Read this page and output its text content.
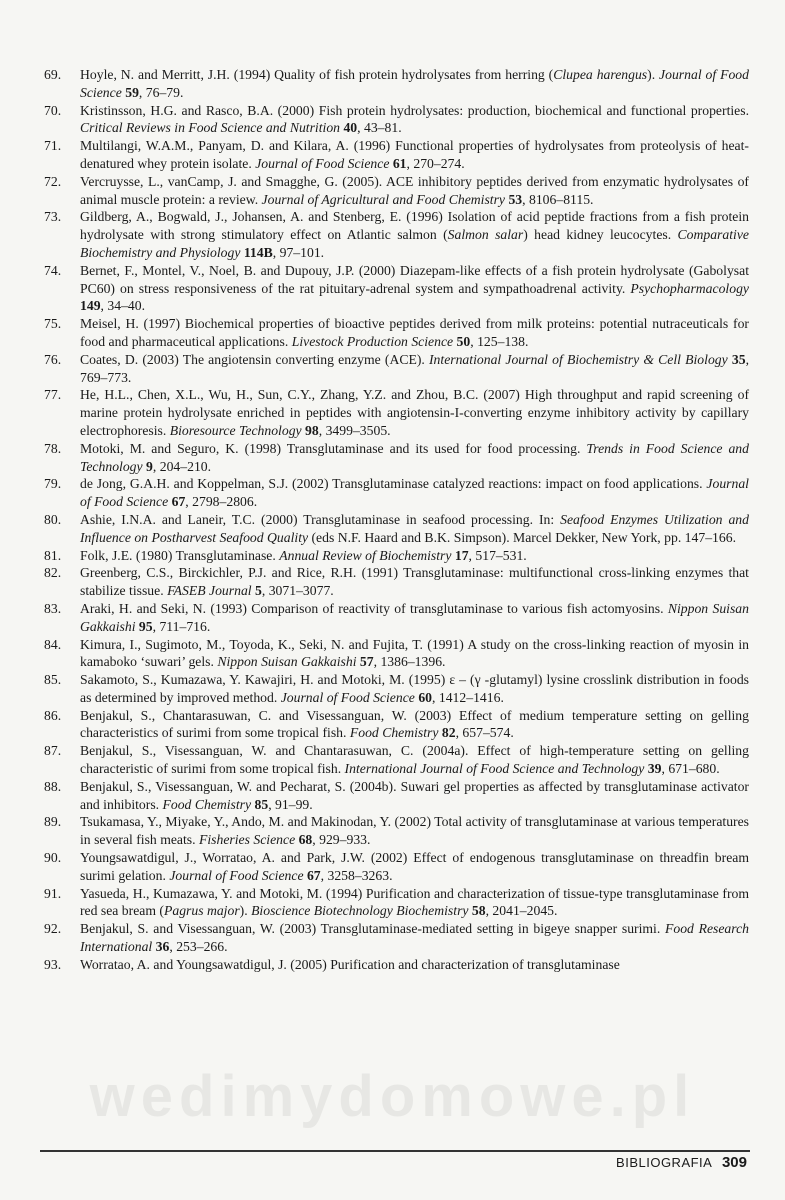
wedimydomowe.pl
69.	Hoyle, N. and Merritt, J.H. (1994) Quality of fish protein hydrolysates from herring (Clupea harengus). Journal of Food Science 59, 76–79.
70.	Kristinsson, H.G. and Rasco, B.A. (2000) Fish protein hydrolysates: production, biochemical and functional properties. Critical Reviews in Food Science and Nutrition 40, 43–81.
71.	Multilangi, W.A.M., Panyam, D. and Kilara, A. (1996) Functional properties of hydrolysates from proteolysis of heat-denatured whey protein isolate. Journal of Food Science 61, 270–274.
72.	Vercruysse, L., vanCamp, J. and Smagghe, G. (2005). ACE inhibitory peptides derived from enzymatic hydrolysates of animal muscle protein: a review. Journal of Agricultural and Food Chemistry 53, 8106–8115.
73.	Gildberg, A., Bogwald, J., Johansen, A. and Stenberg, E. (1996) Isolation of acid peptide fractions from a fish protein hydrolysate with strong stimulatory effect on Atlantic salmon (Salmon salar) head kidney leucocytes. Comparative Biochemistry and Physiology 114B, 97–101.
74.	Bernet, F., Montel, V., Noel, B. and Dupouy, J.P. (2000) Diazepam-like effects of a fish protein hydrolysate (Gabolysat PC60) on stress responsiveness of the rat pituitary-adrenal system and sympathoadrenal activity. Psychopharmacology 149, 34–40.
75.	Meisel, H. (1997) Biochemical properties of bioactive peptides derived from milk proteins: potential nutraceuticals for food and pharmaceutical applications. Livestock Production Science 50, 125–138.
76.	Coates, D. (2003) The angiotensin converting enzyme (ACE). International Journal of Biochemistry & Cell Biology 35, 769–773.
77.	He, H.L., Chen, X.L., Wu, H., Sun, C.Y., Zhang, Y.Z. and Zhou, B.C. (2007) High throughput and rapid screening of marine protein hydrolysate enriched in peptides with angiotensin-I-converting enzyme inhibitory activity by capillary electrophoresis. Bioresource Technology 98, 3499–3505.
78.	Motoki, M. and Seguro, K. (1998) Transglutaminase and its used for food processing. Trends in Food Science and Technology 9, 204–210.
79.	de Jong, G.A.H. and Koppelman, S.J. (2002) Transglutaminase catalyzed reactions: impact on food applications. Journal of Food Science 67, 2798–2806.
80.	Ashie, I.N.A. and Laneir, T.C. (2000) Transglutaminase in seafood processing. In: Seafood Enzymes Utilization and Influence on Postharvest Seafood Quality (eds N.F. Haard and B.K. Simpson). Marcel Dekker, New York, pp. 147–166.
81.	Folk, J.E. (1980) Transglutaminase. Annual Review of Biochemistry 17, 517–531.
82.	Greenberg, C.S., Birckichler, P.J. and Rice, R.H. (1991) Transglutaminase: multifunctional cross-linking enzymes that stabilize tissue. FASEB Journal 5, 3071–3077.
83.	Araki, H. and Seki, N. (1993) Comparison of reactivity of transglutaminase to various fish actomyosins. Nippon Suisan Gakkaishi 95, 711–716.
84.	Kimura, I., Sugimoto, M., Toyoda, K., Seki, N. and Fujita, T. (1991) A study on the cross-linking reaction of myosin in kamaboko ‘suwari’ gels. Nippon Suisan Gakkaishi 57, 1386–1396.
85.	Sakamoto, S., Kumazawa, Y. Kawajiri, H. and Motoki, M. (1995) ε – (γ -glutamyl) lysine crosslink distribution in foods as determined by improved method. Journal of Food Science 60, 1412–1416.
86.	Benjakul, S., Chantarasuwan, C. and Visessanguan, W. (2003) Effect of medium temperature setting on gelling characteristics of surimi from some tropical fish. Food Chemistry 82, 657–574.
87.	Benjakul, S., Visessanguan, W. and Chantarasuwan, C. (2004a). Effect of high-temperature setting on gelling characteristic of surimi from some tropical fish. International Journal of Food Science and Technology 39, 671–680.
88.	Benjakul, S., Visessanguan, W. and Pecharat, S. (2004b). Suwari gel properties as affected by transglutaminase activator and inhibitors. Food Chemistry 85, 91–99.
89.	Tsukamasa, Y., Miyake, Y., Ando, M. and Makinodan, Y. (2002) Total activity of transglutaminase at various temperatures in several fish meats. Fisheries Science 68, 929–933.
90.	Youngsawatdigul, J., Worratao, A. and Park, J.W. (2002) Effect of endogenous transglutaminase on threadfin bream surimi gelation. Journal of Food Science 67, 3258–3263.
91.	Yasueda, H., Kumazawa, Y. and Motoki, M. (1994) Purification and characterization of tissue-type transglutaminase from red sea bream (Pagrus major). Bioscience Biotechnology Biochemistry 58, 2041–2045.
92.	Benjakul, S. and Visessanguan, W. (2003) Transglutaminase-mediated setting in bigeye snapper surimi. Food Research International 36, 253–266.
93.	Worratao, A. and Youngsawatdigul, J. (2005) Purification and characterization of transglutaminase
BIBLIOGRAFIA 309
